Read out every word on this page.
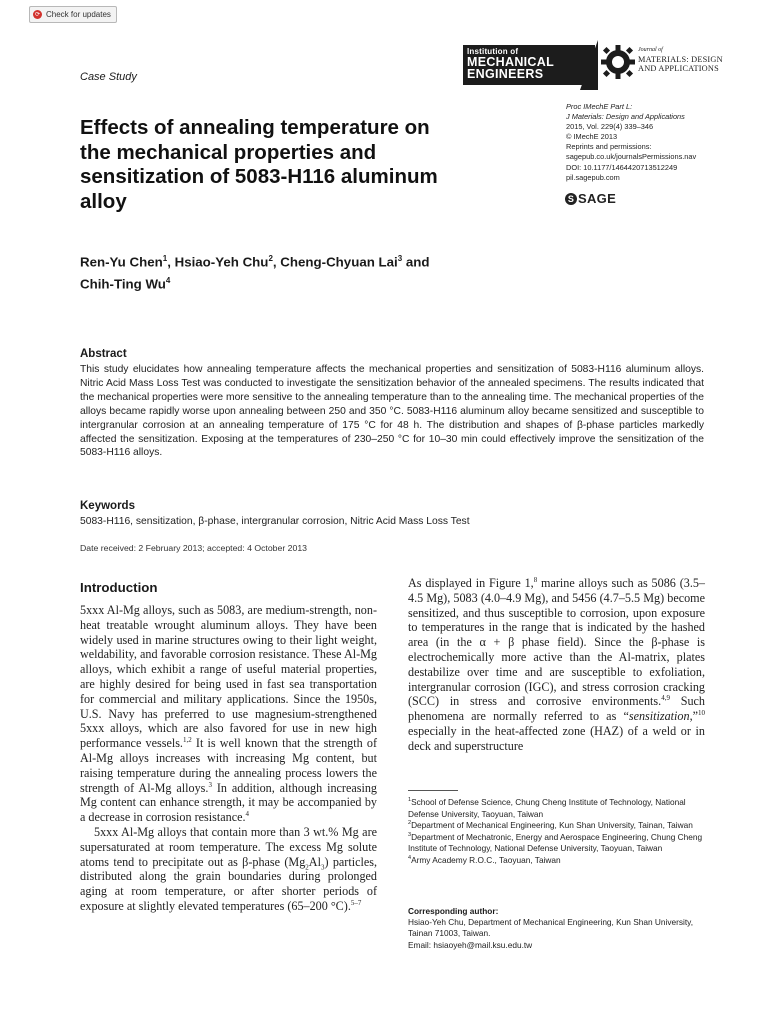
⟳ Check for updates
Institution of
MECHANICAL
ENGINEERS
Journal of
MATERIALS: DESIGN
AND APPLICATIONS
Case Study
Effects of annealing temperature on the mechanical properties and sensitization of 5083-H116 aluminum alloy
Proc IMechE Part L:
J Materials: Design and Applications
2015, Vol. 229(4) 339–346
© IMechE 2013
Reprints and permissions:
sagepub.co.uk/journalsPermissions.nav
DOI: 10.1177/1464420713512249
pil.sagepub.com
S SAGE
Ren-Yu Chen$^1$, Hsiao-Yeh Chu$^2$, Cheng-Chyuan Lai$^3$ and
Chih-Ting Wu$^4$
Abstract
This study elucidates how annealing temperature affects the mechanical properties and sensitization of 5083-H116 aluminum alloys. Nitric Acid Mass Loss Test was conducted to investigate the sensitization behavior of the annealed specimens. The results indicated that the mechanical properties were more sensitive to the annealing temperature than to the annealing time. The mechanical properties of the alloys became rapidly worse upon annealing between 250 and 350 °C. 5083-H116 aluminum alloy became sensitized and susceptible to intergranular corrosion at an annealing temperature of 175 °C for 48 h. The distribution and shapes of β-phase particles markedly affected the sensitization. Exposing at the temperatures of 230–250 °C for 10–30 min could effectively improve the sensitization of the 5083-H116 alloys.
Keywords
5083-H116, sensitization, β-phase, intergranular corrosion, Nitric Acid Mass Loss Test
Date received: 2 February 2013; accepted: 4 October 2013
Introduction

5xxx Al-Mg alloys, such as 5083, are medium-strength, non-heat treatable wrought aluminum alloys. They have been widely used in marine structures owing to their light weight, weldability, and favorable corrosion resistance. These Al-Mg alloys, which exhibit a range of useful material properties, are highly desired for being used in fast sea transportation for commercial and military applications. Since the 1950s, U.S. Navy has preferred to use magnesium-strengthened 5xxx alloys, which are also favored for use in new high performance vessels.$^{1,2}$ It is well known that the strength of Al-Mg alloys increases with increasing Mg content, but raising temperature during the annealing process lowers the strength of Al-Mg alloys.$^3$ In addition, although increasing Mg content can enhance strength, it may be accompanied by a decrease in corrosion resistance.$^4$

5xxx Al-Mg alloys that contain more than 3 wt.% Mg are supersaturated at room temperature. The excess Mg solute atoms tend to precipitate out as β-phase $(Mg_2Al_3)$ particles, distributed along the grain boundaries during prolonged aging at room temperature, or after shorter periods of exposure at slightly elevated temperatures (65–200 °C).$^{5-7}$

As displayed in Figure 1,$^8$ marine alloys such as 5086 (3.5–4.5 Mg), 5083 (4.0–4.9 Mg), and 5456 (4.7–5.5 Mg) become sensitized, and thus susceptible to corrosion, upon exposure to temperatures in the range that is indicated by the hashed area (in the α + β phase field). Since the β-phase is electrochemically more active than the Al-matrix, plates destabilize over time and are susceptible to exfoliation, intergranular corrosion (IGC), and stress corrosion cracking (SCC) in stress and corrosive environments.$^{4,9}$ Such phenomena are normally referred to as “sensitization,”$^{10}$ especially in the heat-affected zone (HAZ) of a weld or in deck and superstructure

$^1$School of Defense Science, Chung Cheng Institute of Technology, National Defense University, Taoyuan, Taiwan

$^2$Department of Mechanical Engineering, Kun Shan University, Tainan, Taiwan

$^3$Department of Mechatronic, Energy and Aerospace Engineering, Chung Cheng Institute of Technology, National Defense University, Taoyuan, Taiwan

$^4$Army Academy R.O.C., Taoyuan, Taiwan

Corresponding author:

Hsiao-Yeh Chu, Department of Mechanical Engineering, Kun Shan University, Tainan 71003, Taiwan.

Email: hsiaoyeh@mail.ksu.edu.tw
